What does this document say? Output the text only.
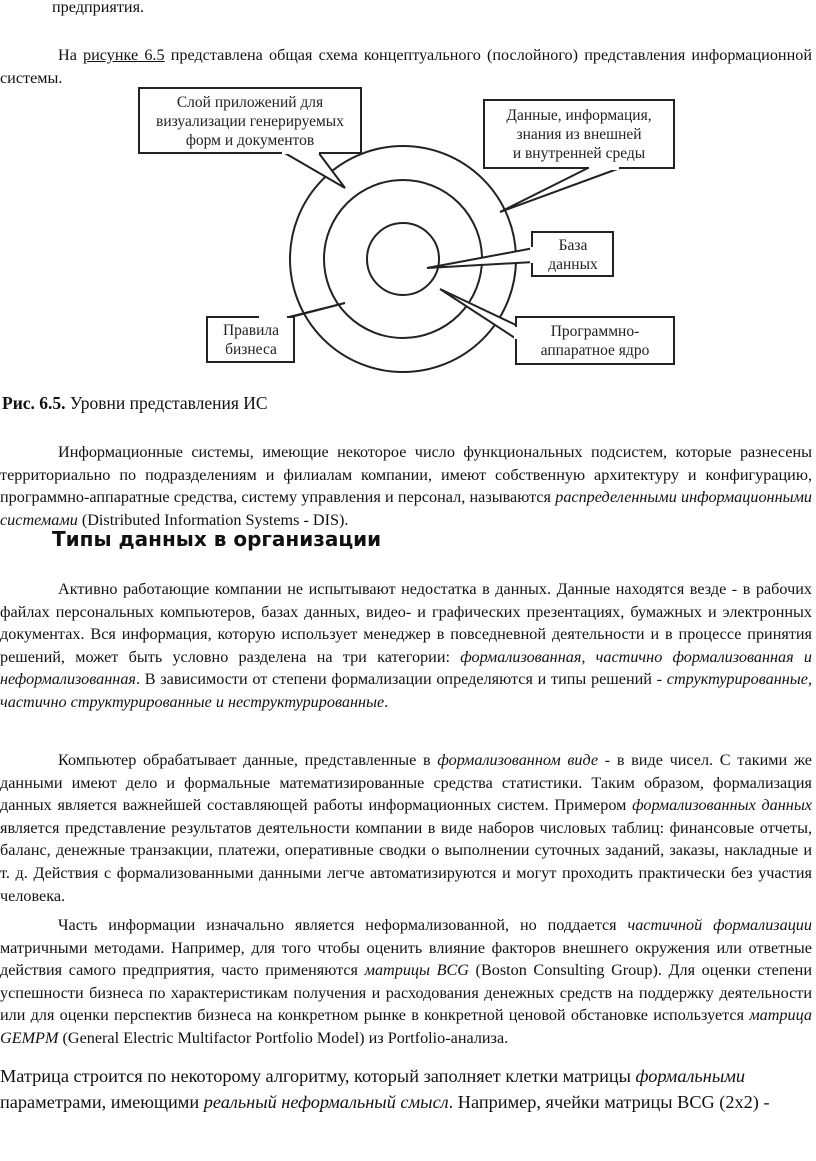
предприятия.

На рисунке 6.5 представлена общая схема концептуального (послойного) представления информационной системы.

Слой приложений для
визуализации генерируемых
форм и документов
Данные, информация,
знания из внешней
и внутренней среды
База
данных
Правила
бизнеса
Программно-
аппаратное ядро

Рис. 6.5. Уровни представления ИС

Информационные системы, имеющие некоторое число функциональных подсистем, которые разнесены территориально по подразделениям и филиалам компании, имеют собственную архитектуру и конфигурацию, программно-аппаратные средства, систему управления и персонал, называются распределенными информационными системами (Distributed Information Systems - DIS).

Типы данных в организации

Активно работающие компании не испытывают недостатка в данных. Данные находятся везде - в рабочих файлах персональных компьютеров, базах данных, видео- и графических презентациях, бумажных и электронных документах. Вся информация, которую использует менеджер в повседневной деятельности и в процессе принятия решений, может быть условно разделена на три категории: формализованная, частично формализованная и неформализованная. В зависимости от степени формализации определяются и типы решений - структурированные, частично структурированные и неструктурированные.

Компьютер обрабатывает данные, представленные в формализованном виде - в виде чисел. С такими же данными имеют дело и формальные математизированные средства статистики. Таким образом, формализация данных является важнейшей составляющей работы информационных систем. Примером формализованных данных является представление результатов деятельности компании в виде наборов числовых таблиц: финансовые отчеты, баланс, денежные транзакции, платежи, оперативные сводки о выполнении суточных заданий, заказы, накладные и т. д. Действия с формализованными данными легче автоматизируются и могут проходить практически без участия человека.

Часть информации изначально является неформализованной, но поддается частичной формализации матричными методами. Например, для того чтобы оценить влияние факторов внешнего окружения или ответные действия самого предприятия, часто применяются матрицы BCG (Boston Consulting Group). Для оценки степени успешности бизнеса по характеристикам получения и расходования денежных средств на поддержку деятельности или для оценки перспектив бизнеса на конкретном рынке в конкретной ценовой обстановке используется матрица GEMPM (General Electric Multifactor Portfolio Model) из Portfolio-анализа.

Матрица строится по некоторому алгоритму, который заполняет клетки матрицы формальными параметрами, имеющими реальный неформальный смысл. Например, ячейки матрицы BCG (2x2) -
